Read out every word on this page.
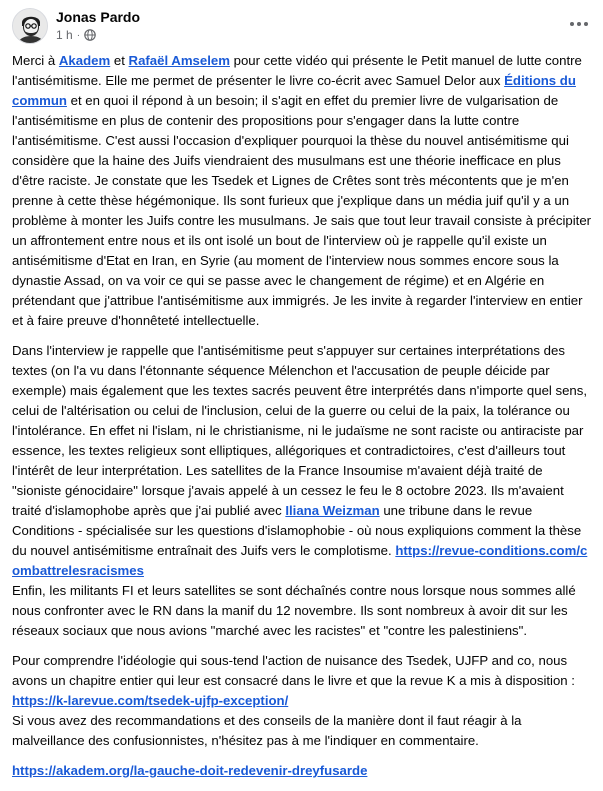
Jonas Pardo
1 h ·

Merci à Akadem et Rafaël Amselem pour cette vidéo qui présente le Petit manuel de lutte contre l'antisémitisme. Elle me permet de présenter le livre co-écrit avec Samuel Delor aux Éditions du commun et en quoi il répond à un besoin; il s'agit en effet du premier livre de vulgarisation de l'antisémitisme en plus de contenir des propositions pour s'engager dans la lutte contre l'antisémitisme. C'est aussi l'occasion d'expliquer pourquoi la thèse du nouvel antisémitisme qui considère que la haine des Juifs viendraient des musulmans est une théorie inefficace en plus d'être raciste. Je constate que les Tsedek et Lignes de Crêtes sont très mécontents que je m'en prenne à cette thèse hégémonique. Ils sont furieux que j'explique dans un média juif qu'il y a un problème à monter les Juifs contre les musulmans. Je sais que tout leur travail consiste à précipiter un affrontement entre nous et ils ont isolé un bout de l'interview où je rappelle qu'il existe un antisémitisme d'Etat en Iran, en Syrie (au moment de l'interview nous sommes encore sous la dynastie Assad, on va voir ce qui se passe avec le changement de régime) et en Algérie en prétendant que j'attribue l'antisémitisme aux immigrés. Je les invite à regarder l'interview en entier et à faire preuve d'honnêteté intellectuelle.

Dans l'interview je rappelle que l'antisémitisme peut s'appuyer sur certaines interprétations des textes (on l'a vu dans l'étonnante séquence Mélenchon et l'accusation de peuple déicide par exemple) mais également que les textes sacrés peuvent être interprétés dans n'importe quel sens, celui de l'altérisation ou celui de l'inclusion, celui de la guerre ou celui de la paix, la tolérance ou l'intolérance. En effet ni l'islam, ni le christianisme, ni le judaïsme ne sont raciste ou antiraciste par essence, les textes religieux sont elliptiques, allégoriques et contradictoires, c'est d'ailleurs tout l'intérêt de leur interprétation. Les satellites de la France Insoumise m'avaient déjà traité de "sioniste génocidaire" lorsque j'avais appelé à un cessez le feu le 8 octobre 2023. Ils m'avaient traité d'islamophobe après que j'ai publié avec Iliana Weizman une tribune dans le revue Conditions - spécialisée sur les questions d'islamophobie - où nous expliquions comment la thèse du nouvel antisémitisme entraînait des Juifs vers le complotisme. https://revue-conditions.com/combattrelesracismes
Enfin, les militants FI et leurs satellites se sont déchaînés contre nous lorsque nous sommes allé nous confronter avec le RN dans la manif du 12 novembre. Ils sont nombreux à avoir dit sur les réseaux sociaux que nous avions "marché avec les racistes" et "contre les palestiniens".

Pour comprendre l'idéologie qui sous-tend l'action de nuisance des Tsedek, UJFP and co, nous avons un chapitre entier qui leur est consacré dans le livre et que la revue K a mis à disposition :
https://k-larevue.com/tsedek-ujfp-exception/
Si vous avez des recommandations et des conseils de la manière dont il faut réagir à la malveillance des confusionnistes, n'hésitez pas à me l'indiquer en commentaire.

https://akadem.org/la-gauche-doit-redevenir-dreyfusarde
